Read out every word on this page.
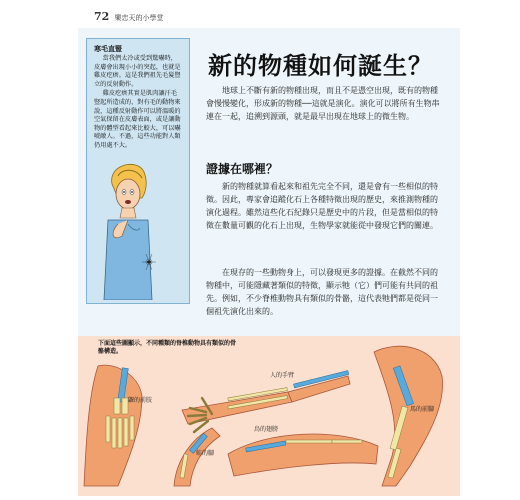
72 樂忠天的小學堂
寒毛直豎

當我們太冷或受到驚嚇時，皮膚會出現小小的突起，也就是雞皮疙瘩。這是我們祖先毛髮豎立的反射動作。

雞皮疙瘩其實是肌肉讓汗毛豎起所造成的，對有毛的動物來說，這種反射動作可以將溫暖的空氣保留在皮膚表面，或是讓動物的體型看起來比較大，可以嚇唬敵人。不過，這些功能對人類仍用處不大。

新的物種如何誕生？

地球上不斷有新的物種出現，而且不是憑空出現，既有的物種會慢慢變化，形成新的物種──這就是演化。演化可以將所有生物串連在一起，追溯到源頭，就是最早出現在地球上的微生物。

證據在哪裡？

新的物種就算看起來和祖先完全不同，還是會有一些相似的特徵。因此，專家會追蹤化石上各種特徵出現的歷史，來推測物種的演化過程。雖然這些化石紀錄只是歷史中的片段，但是當相似的特徵在數量可觀的化石上出現，生物學家就能從中發現它們的關連。

在現存的一些動物身上，可以發現更多的證據。在截然不同的物種中，可能隱藏著類似的特徵，顯示牠（它）們可能有共同的祖先。例如，不少脊椎動物具有類似的骨骼，這代表牠們都是從同一個祖先演化出來的。

下面這些圖顯示，不同種類的脊椎動物具有類似的骨骼構造。
鼴的前肢
人的手臂
馬的前腳
鳥的翅膀
蛙的腳
